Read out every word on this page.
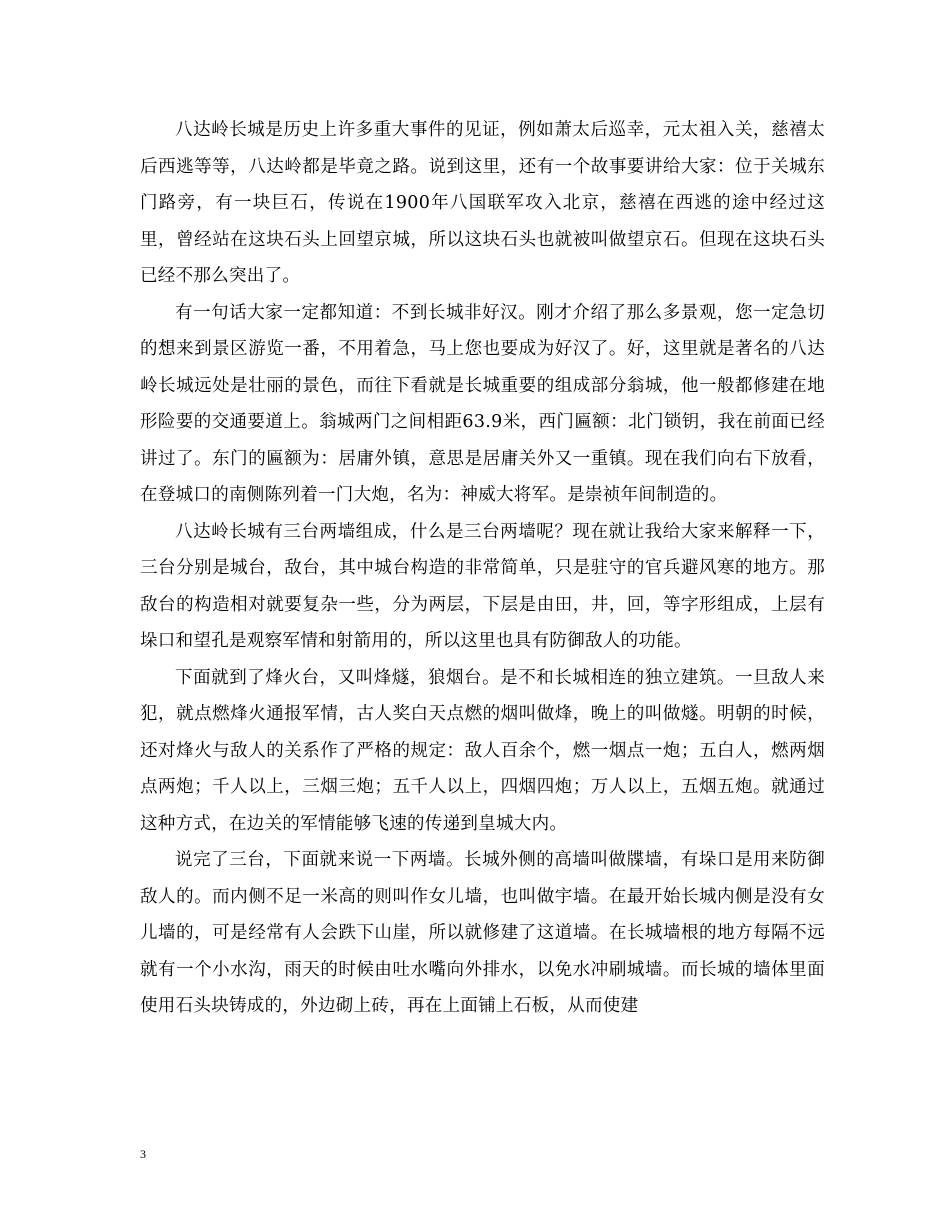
八达岭长城是历史上许多重大事件的见证，例如萧太后巡幸，元太祖入关，慈禧太后西逃等等，八达岭都是毕竟之路。说到这里，还有一个故事要讲给大家：位于关城东门路旁，有一块巨石，传说在1900年八国联军攻入北京，慈禧在西逃的途中经过这里，曾经站在这块石头上回望京城，所以这块石头也就被叫做望京石。但现在这块石头已经不那么突出了。

有一句话大家一定都知道：不到长城非好汉。刚才介绍了那么多景观，您一定急切的想来到景区游览一番，不用着急，马上您也要成为好汉了。好，这里就是著名的八达岭长城远处是壮丽的景色，而往下看就是长城重要的组成部分翁城，他一般都修建在地形险要的交通要道上。翁城两门之间相距63.9米，西门匾额：北门锁钥，我在前面已经讲过了。东门的匾额为：居庸外镇，意思是居庸关外又一重镇。现在我们向右下放看，在登城口的南侧陈列着一门大炮，名为：神威大将军。是崇祯年间制造的。

八达岭长城有三台两墙组成，什么是三台两墙呢？现在就让我给大家来解释一下，三台分别是城台，敌台，其中城台构造的非常简单，只是驻守的官兵避风寒的地方。那敌台的构造相对就要复杂一些，分为两层，下层是由田，井，回，等字形组成，上层有垛口和望孔是观察军情和射箭用的，所以这里也具有防御敌人的功能。

下面就到了烽火台，又叫烽燧，狼烟台。是不和长城相连的独立建筑。一旦敌人来犯，就点燃烽火通报军情，古人奖白天点燃的烟叫做烽，晚上的叫做燧。明朝的时候，还对烽火与敌人的关系作了严格的规定：敌人百余个，燃一烟点一炮；五白人，燃两烟点两炮；千人以上，三烟三炮；五千人以上，四烟四炮；万人以上，五烟五炮。就通过这种方式，在边关的军情能够飞速的传递到皇城大内。

说完了三台，下面就来说一下两墙。长城外侧的高墙叫做牒墙，有垛口是用来防御敌人的。而内侧不足一米高的则叫作女儿墙，也叫做宇墙。在最开始长城内侧是没有女儿墙的，可是经常有人会跌下山崖，所以就修建了这道墙。在长城墙根的地方每隔不远就有一个小水沟，雨天的时候由吐水嘴向外排水，以免水冲刷城墙。而长城的墙体里面使用石头块铸成的，外边砌上砖，再在上面铺上石板，从而使建

3
